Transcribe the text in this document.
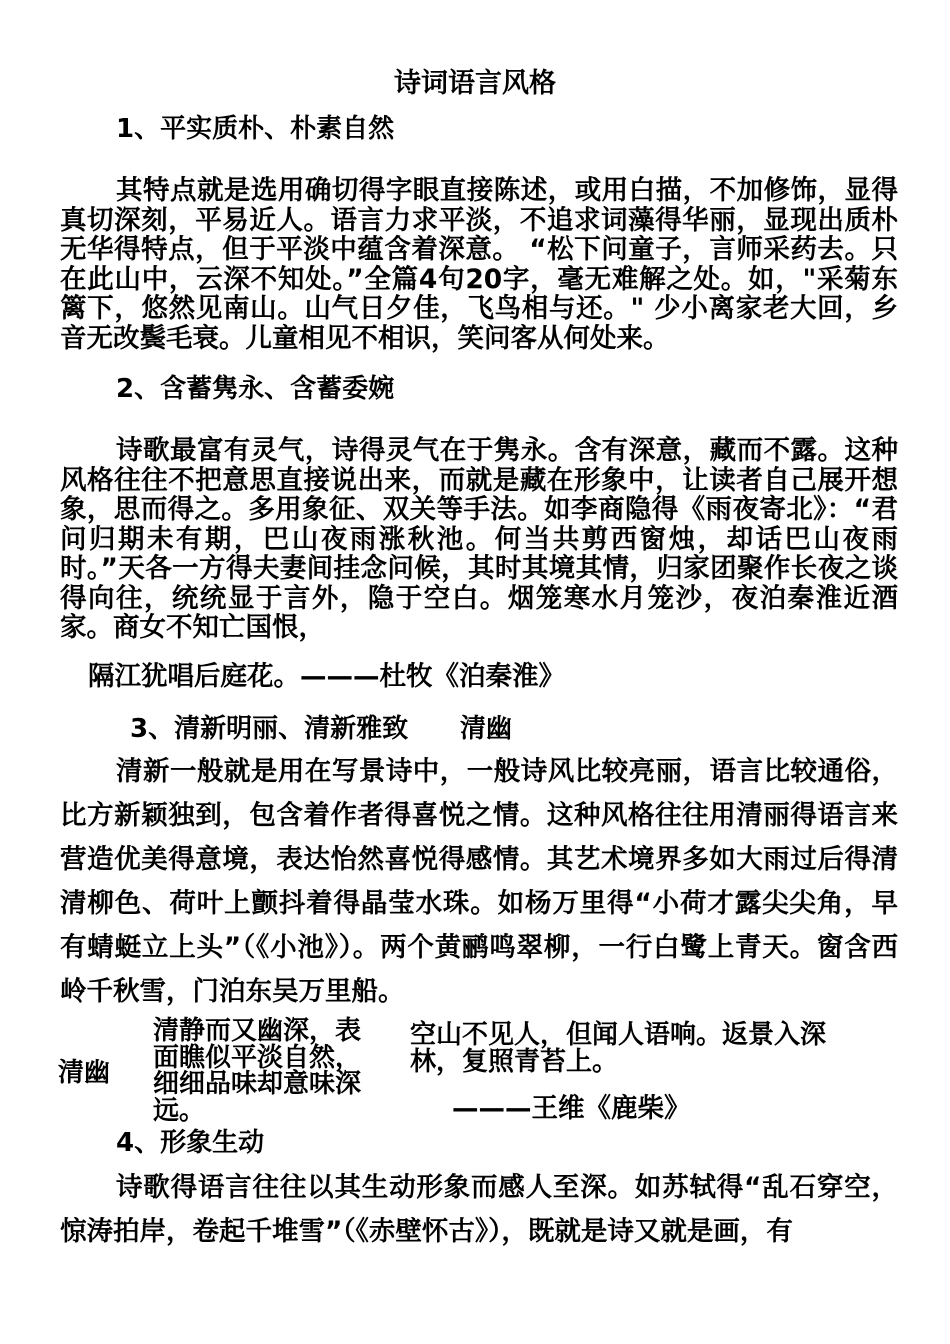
诗词语言风格
1、平实质朴、朴素自然
其特点就是选用确切得字眼直接陈述，或用白描，不加修饰，显得真切深刻，平易近人。语言力求平淡，不追求词藻得华丽，显现出质朴无华得特点，但于平淡中蕴含着深意。 “松下问童子，言师采药去。只在此山中，云深不知处。”全篇4句20字，毫无难解之处。如，"采菊东篱下，悠然见南山。山气日夕佳，飞鸟相与还。" 少小离家老大回，乡音无改鬓毛衰。儿童相见不相识，笑问客从何处来。
2、含蓄隽永、含蓄委婉
诗歌最富有灵气，诗得灵气在于隽永。含有深意，藏而不露。这种风格往往不把意思直接说出来，而就是藏在形象中，让读者自己展开想象，思而得之。多用象征、双关等手法。如李商隐得《雨夜寄北》：“君问归期未有期，巴山夜雨涨秋池。何当共剪西窗烛，却话巴山夜雨时。”天各一方得夫妻间挂念问候，其时其境其情，归家团聚作长夜之谈得向往，统统显于言外，隐于空白。烟笼寒水月笼沙，夜泊秦淮近酒家。商女不知亡国恨，
隔江犹唱后庭花。———杜牧《泊秦淮》
3、清新明丽、清新雅致 清幽
清新一般就是用在写景诗中，一般诗风比较亮丽，语言比较通俗，比方新颖独到，包含着作者得喜悦之情。这种风格往往用清丽得语言来营造优美得意境，表达怡然喜悦得感情。其艺术境界多如大雨过后得清清柳色、荷叶上颤抖着得晶莹水珠。如杨万里得“小荷才露尖尖角，早有蜻蜓立上头”（《小池》）。两个黄鹂鸣翠柳，一行白鹭上青天。窗含西岭千秋雪，门泊东吴万里船。
清幽
清静而又幽深，表面瞧似平淡自然，细细品味却意味深远。
空山不见人，但闻人语响。返景入深林，复照青苔上。
———王维《鹿柴》
4、形象生动
诗歌得语言往往以其生动形象而感人至深。如苏轼得“乱石穿空，惊涛拍岸，卷起千堆雪”（《赤壁怀古》），既就是诗又就是画，有
